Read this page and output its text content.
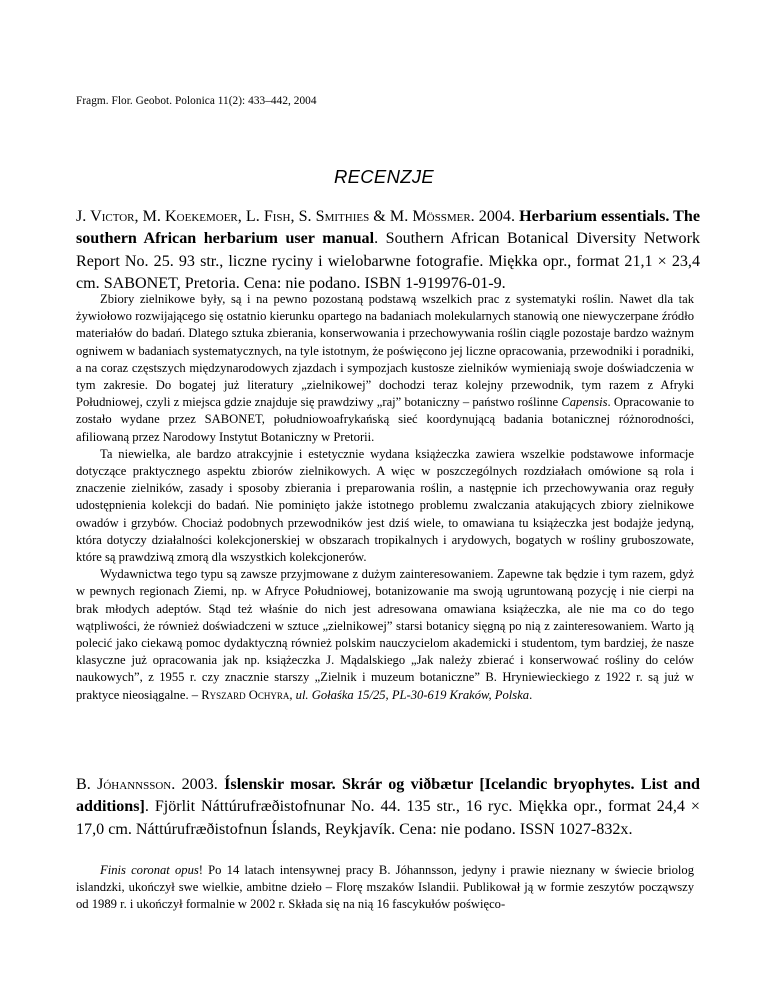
Fragm. Flor. Geobot. Polonica 11(2): 433–442, 2004
RECENZJE
J. Victor, M. Koekemoer, L. Fish, S. Smithies & M. Mössmer. 2004. Herbarium essentials. The southern African herbarium user manual. Southern African Botanical Diversity Network Report No. 25. 93 str., liczne ryciny i wielobarwne fotografie. Miękka opr., format 21,1 × 23,4 cm. SABONET, Pretoria. Cena: nie podano. ISBN 1-919976-01-9.

Zbiory zielnikowe były, są i na pewno pozostaną podstawą wszelkich prac z systematyki roślin. Nawet dla tak żywiołowo rozwijającego się ostatnio kierunku opartego na badaniach molekularnych stanowią one niewyczerpane źródło materiałów do badań. Dlatego sztuka zbierania, konserwowania i przechowywania roślin ciągle pozostaje bardzo ważnym ogniwem w badaniach systematycznych, na tyle istotnym, że poświęcono jej liczne opracowania, przewodniki i poradniki, a na coraz częstszych międzynarodowych zjazdach i sympozjach kustosze zielników wymieniają swoje doświadczenia w tym zakresie. Do bogatej już literatury „zielnikowej” dochodzi teraz kolejny przewodnik, tym razem z Afryki Południowej, czyli z miejsca gdzie znajduje się prawdziwy „raj” botaniczny – państwo roślinne Capensis. Opracowanie to zostało wydane przez SABONET, południowoafrykańską sieć koordynującą badania botanicznej różnorodności, afiliowaną przez Narodowy Instytut Botaniczny w Pretorii.

Ta niewielka, ale bardzo atrakcyjnie i estetycznie wydana książeczka zawiera wszelkie podstawowe informacje dotyczące praktycznego aspektu zbiorów zielnikowych. A więc w poszczególnych rozdziałach omówione są rola i znaczenie zielników, zasady i sposoby zbierania i preparowania roślin, a następnie ich przechowywania oraz reguły udostępnienia kolekcji do badań. Nie pominięto jakże istotnego problemu zwalczania atakujących zbiory zielnikowe owadów i grzybów. Chociaż podobnych przewodników jest dziś wiele, to omawiana tu książeczka jest bodajże jedyną, która dotyczy działalności kolekcjonerskiej w obszarach tropikalnych i arydowych, bogatych w rośliny gruboszowate, które są prawdziwą zmorą dla wszystkich kolekcjonerów.

Wydawnictwa tego typu są zawsze przyjmowane z dużym zainteresowaniem. Zapewne tak będzie i tym razem, gdyż w pewnych regionach Ziemi, np. w Afryce Południowej, botanizowanie ma swoją ugruntowaną pozycję i nie cierpi na brak młodych adeptów. Stąd też właśnie do nich jest adresowana omawiana książeczka, ale nie ma co do tego wątpliwości, że również doświadczeni w sztuce „zielnikowej” starsi botanicy sięgną po nią z zainteresowaniem. Warto ją polecić jako ciekawą pomoc dydaktyczną również polskim nauczycielom akademicki i studentom, tym bardziej, że nasze klasyczne już opracowania jak np. książeczka J. Mądalskiego „Jak należy zbierać i konserwować rośliny do celów naukowych”, z 1955 r. czy znacznie starszy „Zielnik i muzeum botaniczne” B. Hryniewieckiego z 1922 r. są już w praktyce nieosiągalne. – Ryszard Ochyra, ul. Gołaśka 15/25, PL-30-619 Kraków, Polska.

B. Jóhannsson. 2003. Íslenskir mosar. Skrár og viðbætur [Icelandic bryophytes. List and additions]. Fjörlit Náttúrufræðistofnunar No. 44. 135 str., 16 ryc. Miękka opr., format 24,4 × 17,0 cm. Náttúrufræðistofnun Íslands, Reykjavík. Cena: nie podano. ISSN 1027-832x.

Finis coronat opus! Po 14 latach intensywnej pracy B. Jóhannsson, jedyny i prawie nieznany w świecie briolog islandzki, ukończył swe wielkie, ambitne dzieło – Florę mszaków Islandii. Publikował ją w formie zeszytów począwszy od 1989 r. i ukończył formalnie w 2002 r. Składa się na nią 16 fascykułów poświęco-
